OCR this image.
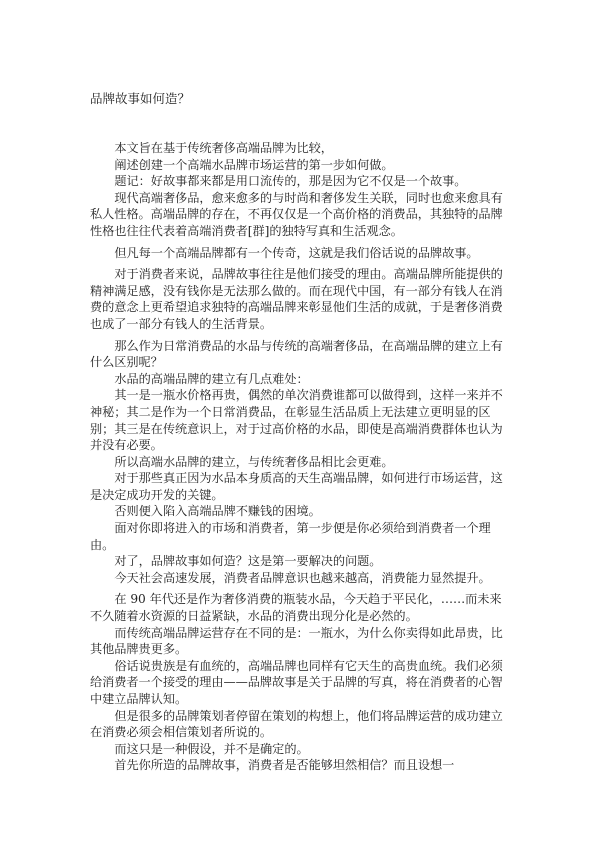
品牌故事如何造？

本文旨在基于传统奢侈高端品牌为比较，

阐述创建一个高端水品牌市场运营的第一步如何做。

题记：好故事都来都是用口流传的，那是因为它不仅是一个故事。

现代高端奢侈品，愈来愈多的与时尚和奢侈发生关联，同时也愈来愈具有私人性格。高端品牌的存在，不再仅仅是一个高价格的消费品，其独特的品牌性格也往往代表着高端消费者[群]的独特写真和生活观念。

但凡每一个高端品牌都有一个传奇，这就是我们俗话说的品牌故事。

对于消费者来说，品牌故事往往是他们接受的理由。高端品牌所能提供的精神满足感，没有钱你是无法那么做的。而在现代中国，有一部分有钱人在消费的意念上更希望追求独特的高端品牌来彰显他们生活的成就，于是奢侈消费也成了一部分有钱人的生活背景。

那么作为日常消费品的水品与传统的高端奢侈品，在高端品牌的建立上有什么区别呢？

水品的高端品牌的建立有几点难处：

其一是一瓶水价格再贵，偶然的单次消费谁都可以做得到，这样一来并不神秘；其二是作为一个日常消费品，在彰显生活品质上无法建立更明显的区别；其三是在传统意识上，对于过高价格的水品，即使是高端消费群体也认为并没有必要。

所以高端水品牌的建立，与传统奢侈品相比会更难。

对于那些真正因为水品本身质高的天生高端品牌，如何进行市场运营，这是决定成功开发的关键。

否则便入陷入高端品牌不赚钱的困境。

面对你即将进入的市场和消费者，第一步便是你必须给到消费者一个理由。

对了，品牌故事如何造？这是第一要解决的问题。

今天社会高速发展，消费者品牌意识也越来越高，消费能力显然提升。

在 90 年代还是作为奢侈消费的瓶装水品，今天趋于平民化，……而未来不久随着水资源的日益紧缺，水品的消费出现分化是必然的。

而传统高端品牌运营存在不同的是：一瓶水，为什么你卖得如此昂贵，比其他品牌贵更多。

俗话说贵族是有血统的，高端品牌也同样有它天生的高贵血统。我们必须给消费者一个接受的理由——品牌故事是关于品牌的写真，将在消费者的心智中建立品牌认知。

但是很多的品牌策划者停留在策划的构想上，他们将品牌运营的成功建立在消费必须会相信策划者所说的。

而这只是一种假设，并不是确定的。

首先你所造的品牌故事，消费者是否能够坦然相信？而且设想一
